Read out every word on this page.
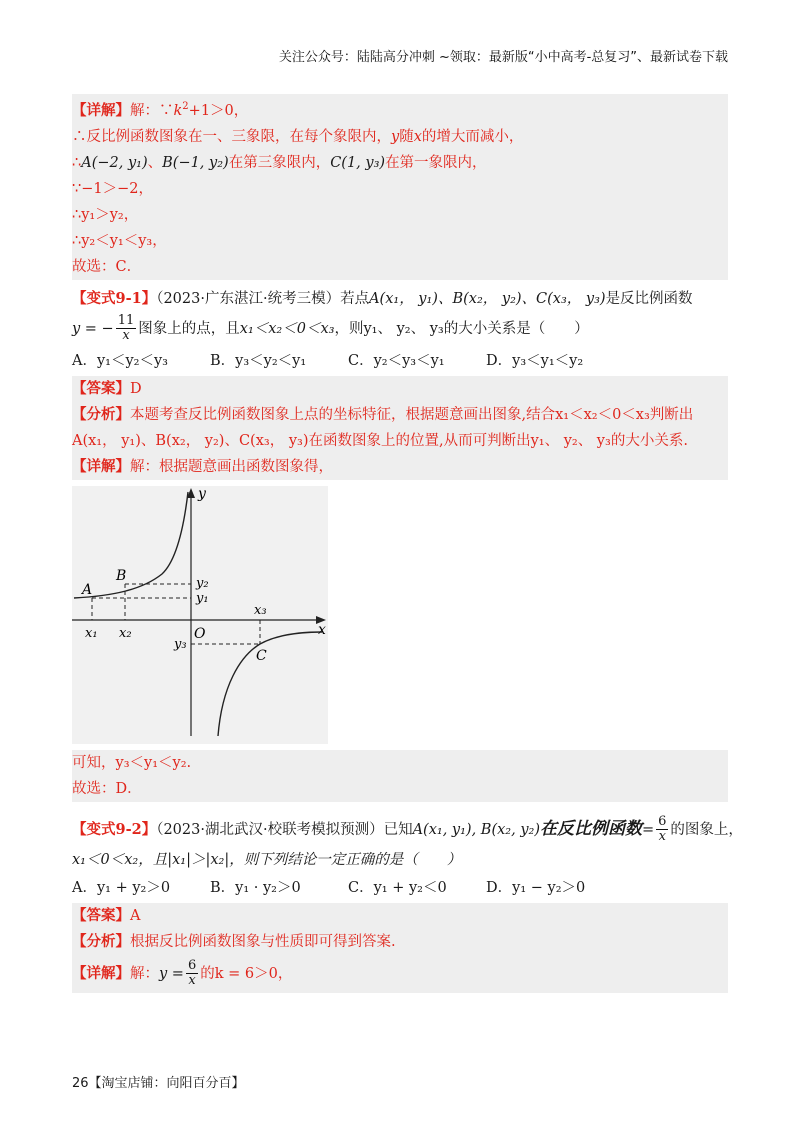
关注公众号：陆陆高分冲刺 ~领取：最新版“小中高考-总复习”、最新试卷下载
【详解】解：$\because k^2+1>0$，
∴反比例函数图象在一、三象限，在每个象限内，y随x的增大而减小，
∴A(−2, y₁)、B(−1, y₂)在第三象限内，C(1, y₃)在第一象限内，
∵−1＞−2，
∴y₁＞y₂，
∴y₂＜y₁＜y₃，
故选：C．
【变式9-1】（2023·广东湛江·统考三模）若点A(x₁， y₁)、B(x₂， y₂)、C(x₃， y₃)是反比例函数
y = − $\frac{11}{x}$ 图象上的点，且x₁＜x₂＜0＜x₃，则y₁、 y₂、 y₃的大小关系是（　　）
A．y₁＜y₂＜y₃	B．y₃＜y₂＜y₁	C．y₂＜y₃＜y₁	D．y₃＜y₁＜y₂
【答案】D
【分析】本题考查反比例函数图象上点的坐标特征，根据题意画出图象,结合x₁＜x₂＜0＜x₃判断出
A(x₁， y₁)、B(x₂， y₂)、C(x₃， y₃)在函数图象上的位置,从而可判断出y₁、 y₂、 y₃的大小关系.
【详解】解：根据题意画出函数图象得，
y
x
O
A
B
C
y₂
y₁
y₃
x₁ x₂
x₃
可知，y₃＜y₁＜y₂.
故选：D．
【变式9-2】（2023·湖北武汉·校联考模拟预测）已知A(x₁, y₁), B(x₂, y₂)在反比例函数= $\frac{6}{x}$ 的图象上，
x₁＜0＜x₂，且|x₁|＞|x₂|，则下列结论一定正确的是（　　）
A．y₁ + y₂＞0	B．y₁ · y₂＞0	C．y₁ + y₂＜0	D．y₁ − y₂＞0
【答案】A
【分析】根据反比例函数图象与性质即可得到答案.
【详解】解：$y = \frac{6}{x}$ 的k = 6＞0，
26【淘宝店铺：向阳百分百】
